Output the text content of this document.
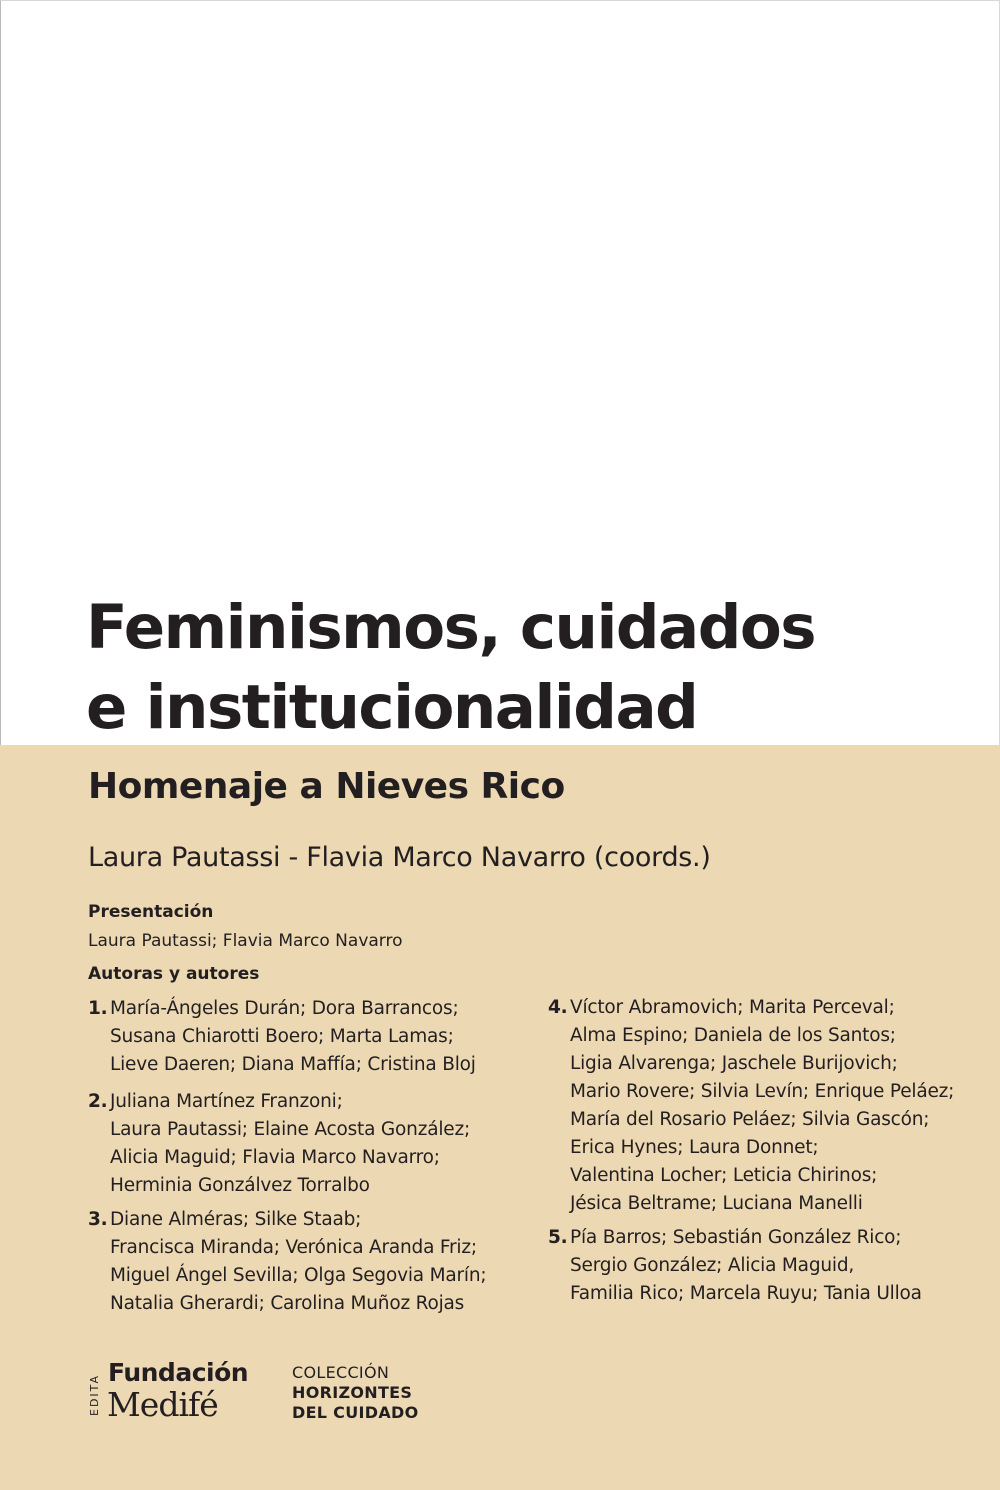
Feminismos, cuidados
e institucionalidad
Homenaje a Nieves Rico

Laura Pautassi - Flavia Marco Navarro (coords.)

Presentación

Laura Pautassi; Flavia Marco Navarro

Autoras y autores

1. María-Ángeles Durán; Dora Barrancos;
Susana Chiarotti Boero; Marta Lamas;
Lieve Daeren; Diana Maffía; Cristina Bloj
2. Juliana Martínez Franzoni;
Laura Pautassi; Elaine Acosta González;
Alicia Maguid; Flavia Marco Navarro;
Herminia Gonzálvez Torralbo
3. Diane Alméras; Silke Staab;
Francisca Miranda; Verónica Aranda Friz;
Miguel Ángel Sevilla; Olga Segovia Marín;
Natalia Gherardi; Carolina Muñoz Rojas
4. Víctor Abramovich; Marita Perceval;
Alma Espino; Daniela de los Santos;
Ligia Alvarenga; Jaschele Burijovich;
Mario Rovere; Silvia Levín; Enrique Peláez;
María del Rosario Peláez; Silvia Gascón;
Erica Hynes; Laura Donnet;
Valentina Locher; Leticia Chirinos;
Jésica Beltrame; Luciana Manelli
5. Pía Barros; Sebastián González Rico;
Sergio González; Alicia Maguid,
Familia Rico; Marcela Ruyu; Tania Ulloa
EDITA
Fundación
Medifé

COLECCIÓN
HORIZONTES
DEL CUIDADO
